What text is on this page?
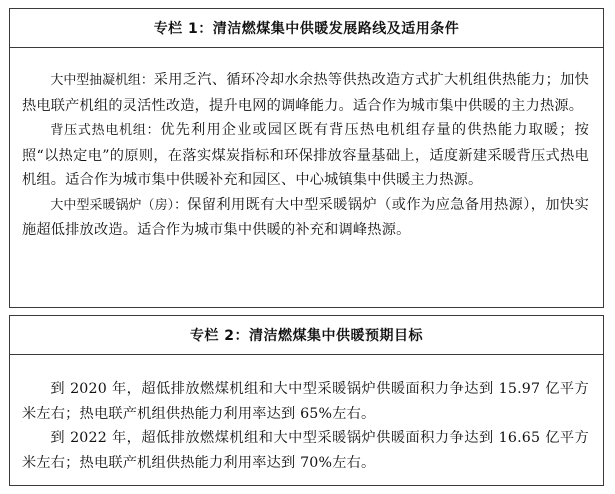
专栏 1：清洁燃煤集中供暖发展路线及适用条件

大中型抽凝机组：采用乏汽、循环冷却水余热等供热改造方式扩大机组供热能力；加快热电联产机组的灵活性改造，提升电网的调峰能力。适合作为城市集中供暖的主力热源。

背压式热电机组：优先利用企业或园区既有背压热电机组存量的供热能力取暖；按照“以热定电”的原则，在落实煤炭指标和环保排放容量基础上，适度新建采暖背压式热电机组。适合作为城市集中供暖补充和园区、中心城镇集中供暖主力热源。

大中型采暖锅炉（房）：保留利用既有大中型采暖锅炉（或作为应急备用热源），加快实施超低排放改造。适合作为城市集中供暖的补充和调峰热源。

专栏 2：清洁燃煤集中供暖预期目标

到 2020 年，超低排放燃煤机组和大中型采暖锅炉供暖面积力争达到 15.97 亿平方米左右；热电联产机组供热能力利用率达到 65%左右。

到 2022 年，超低排放燃煤机组和大中型采暖锅炉供暖面积力争达到 16.65 亿平方米左右；热电联产机组供热能力利用率达到 70%左右。
